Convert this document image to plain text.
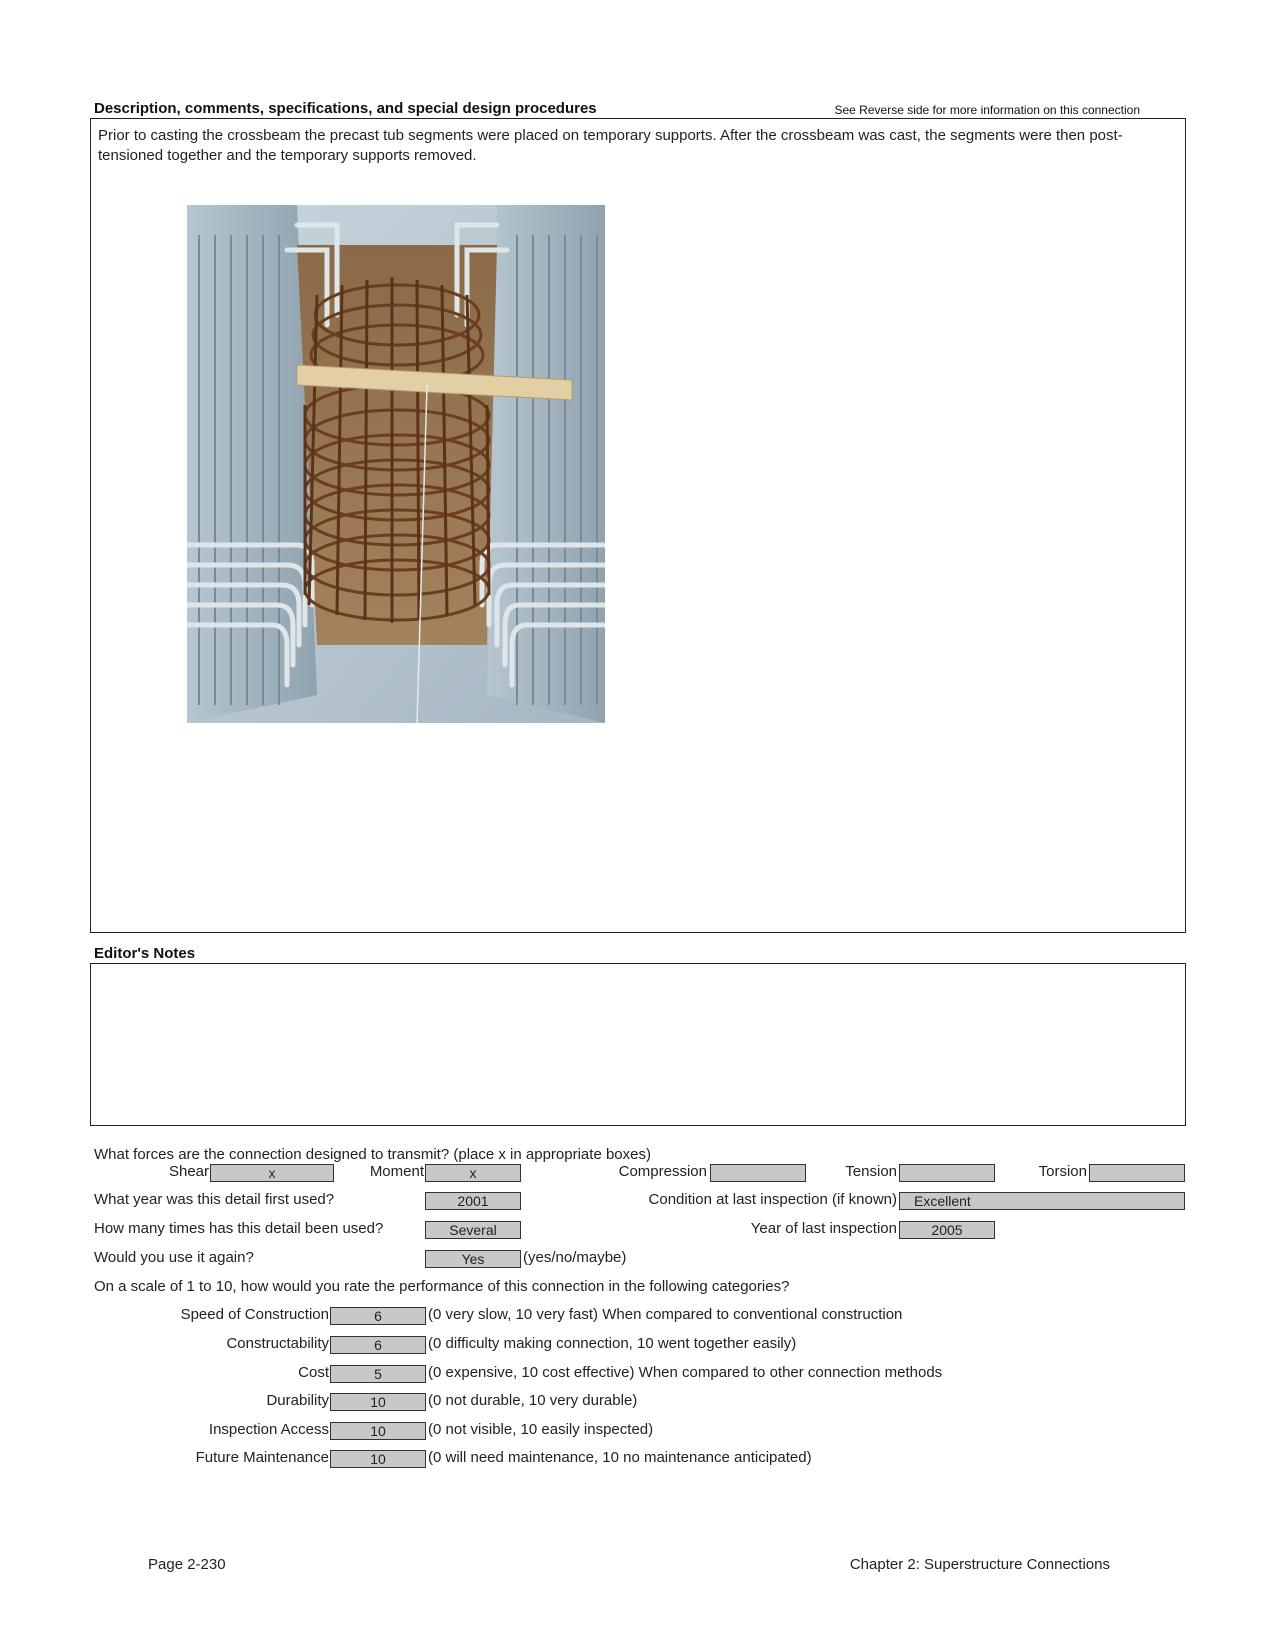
Description, comments, specifications, and special design procedures	See Reverse side for more information on this connection
Prior to casting the crossbeam the precast tub segments were placed on temporary supports. After the crossbeam was cast, the segments were then post-tensioned together and the temporary supports removed.
Editor's Notes
What forces are the connection designed to transmit? (place x in appropriate boxes)
Shear	x	Moment	x	Compression	Tension	Torsion
What year was this detail first used?	2001	Condition at last inspection (if known)	Excellent
How many times has this detail been used?	Several	Year of last inspection	2005
Would you use it again?	Yes	(yes/no/maybe)
On a scale of 1 to 10, how would you rate the performance of this connection in the following categories?
Speed of Construction	6	(0 very slow, 10 very fast) When compared to conventional construction
Constructability	6	(0 difficulty making connection, 10 went together easily)
Cost	5	(0 expensive, 10 cost effective) When compared to other connection methods
Durability	10	(0 not durable, 10 very durable)
Inspection Access	10	(0 not visible, 10 easily inspected)
Future Maintenance	10	(0 will need maintenance, 10 no maintenance anticipated)
Page 2-230	Chapter 2: Superstructure Connections
